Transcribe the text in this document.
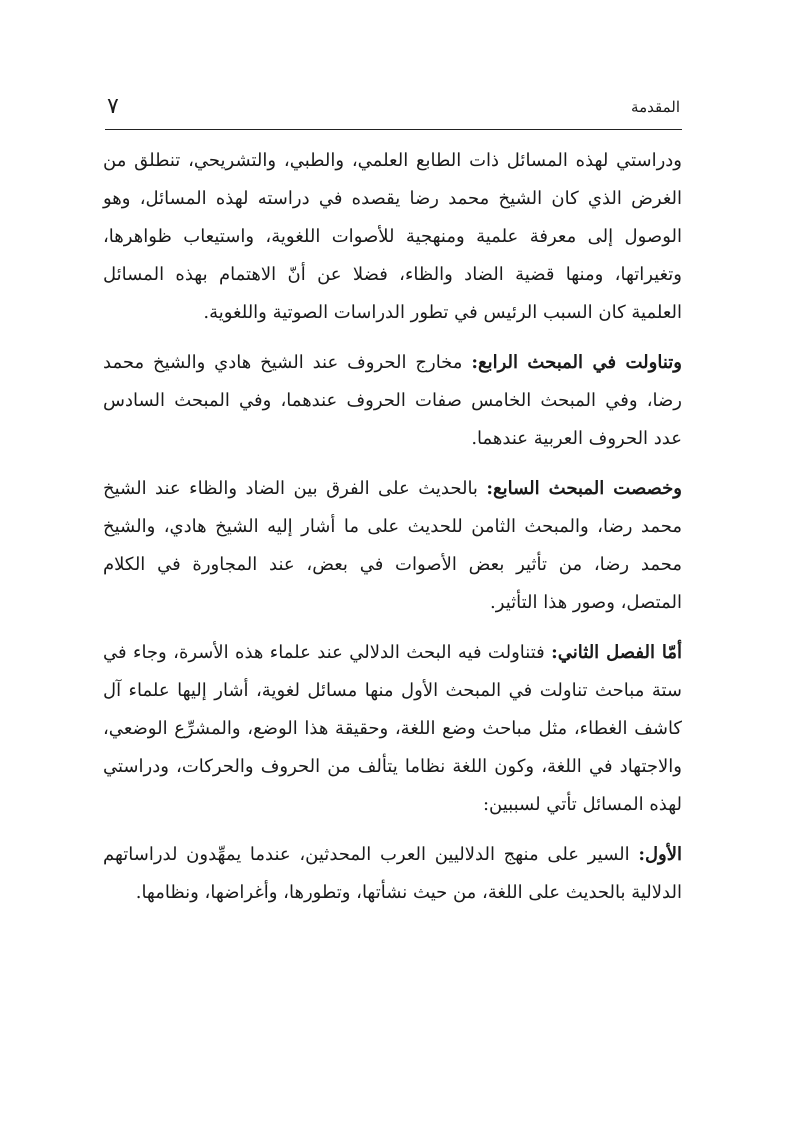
المقدمة
٧

ودراستي لهذه المسائل ذات الطابع العلمي، والطبي، والتشريحي، تنطلق من الغرض الذي كان الشيخ محمد رضا يقصده في دراسته لهذه المسائل، وهو الوصول إلى معرفة علمية ومنهجية للأصوات اللغوية، واستيعاب ظواهرها، وتغيراتها، ومنها قضية الضاد والظاء، فضلا عن أنّ الاهتمام بهذه المسائل العلمية كان السبب الرئيس في تطور الدراسات الصوتية واللغوية.

وتناولت في المبحث الرابع: مخارج الحروف عند الشيخ هادي والشيخ محمد رضا، وفي المبحث الخامس صفات الحروف عندهما، وفي المبحث السادس عدد الحروف العربية عندهما.

وخصصت المبحث السابع: بالحديث على الفرق بين الضاد والظاء عند الشيخ محمد رضا، والمبحث الثامن للحديث على ما أشار إليه الشيخ هادي، والشيخ محمد رضا، من تأثير بعض الأصوات في بعض، عند المجاورة في الكلام المتصل، وصور هذا التأثير.

أمّا الفصل الثاني: فتناولت فيه البحث الدلالي عند علماء هذه الأسرة، وجاء في ستة مباحث تناولت في المبحث الأول منها مسائل لغوية، أشار إليها علماء آل كاشف الغطاء، مثل مباحث وضع اللغة، وحقيقة هذا الوضع، والمشرِّع الوضعي، والاجتهاد في اللغة، وكون اللغة نظاما يتألف من الحروف والحركات، ودراستي لهذه المسائل تأتي لسببين:

الأول: السير على منهج الدلاليين العرب المحدثين، عندما يمهِّدون لدراساتهم الدلالية بالحديث على اللغة، من حيث نشأتها، وتطورها، وأغراضها، ونظامها.
